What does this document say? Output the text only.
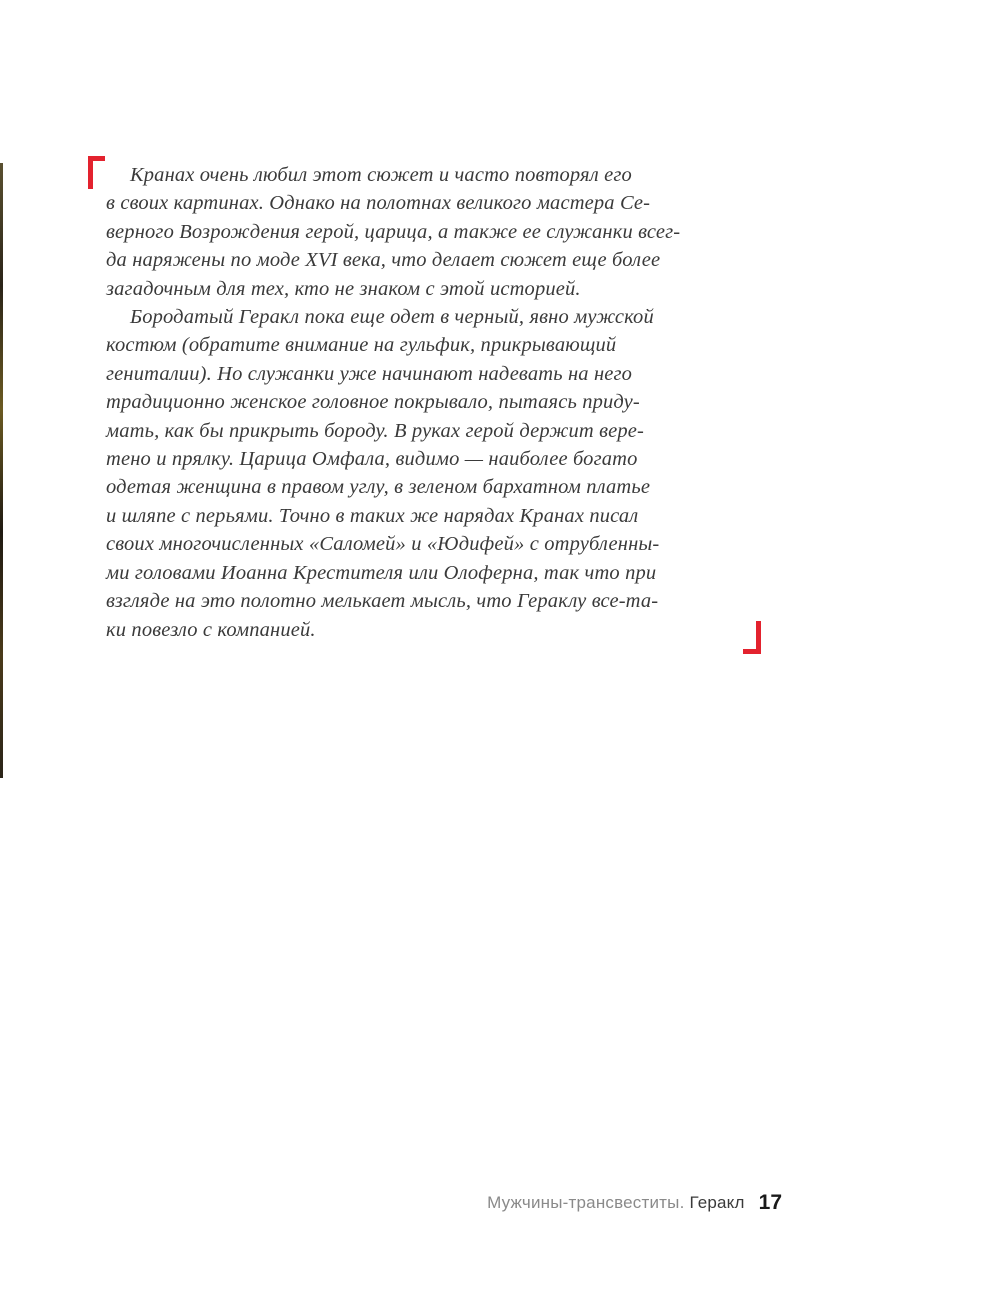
Кранах очень любил этот сюжет и часто повторял его
в своих картинах. Однако на полотнах великого мастера Се-
верного Возрождения герой, царица, а также ее служанки всег-
да наряжены по моде XVI века, что делает сюжет еще более
загадочным для тех, кто не знаком с этой историей.
Бородатый Геракл пока еще одет в черный, явно мужской
костюм (обратите внимание на гульфик, прикрывающий
гениталии). Но служанки уже начинают надевать на него
традиционно женское головное покрывало, пытаясь приду-
мать, как бы прикрыть бороду. В руках герой держит вере-
тено и прялку. Царица Омфала, видимо — наиболее богато
одетая женщина в правом углу, в зеленом бархатном платье
и шляпе с перьями. Точно в таких же нарядах Кранах писал
своих многочисленных «Саломей» и «Юдифей» с отрубленны-
ми головами Иоанна Крестителя или Олоферна, так что при
взгляде на это полотно мелькает мысль, что Гераклу все-та-
ки повезло с компанией.
Мужчины-трансвеститы. Геракл 17
